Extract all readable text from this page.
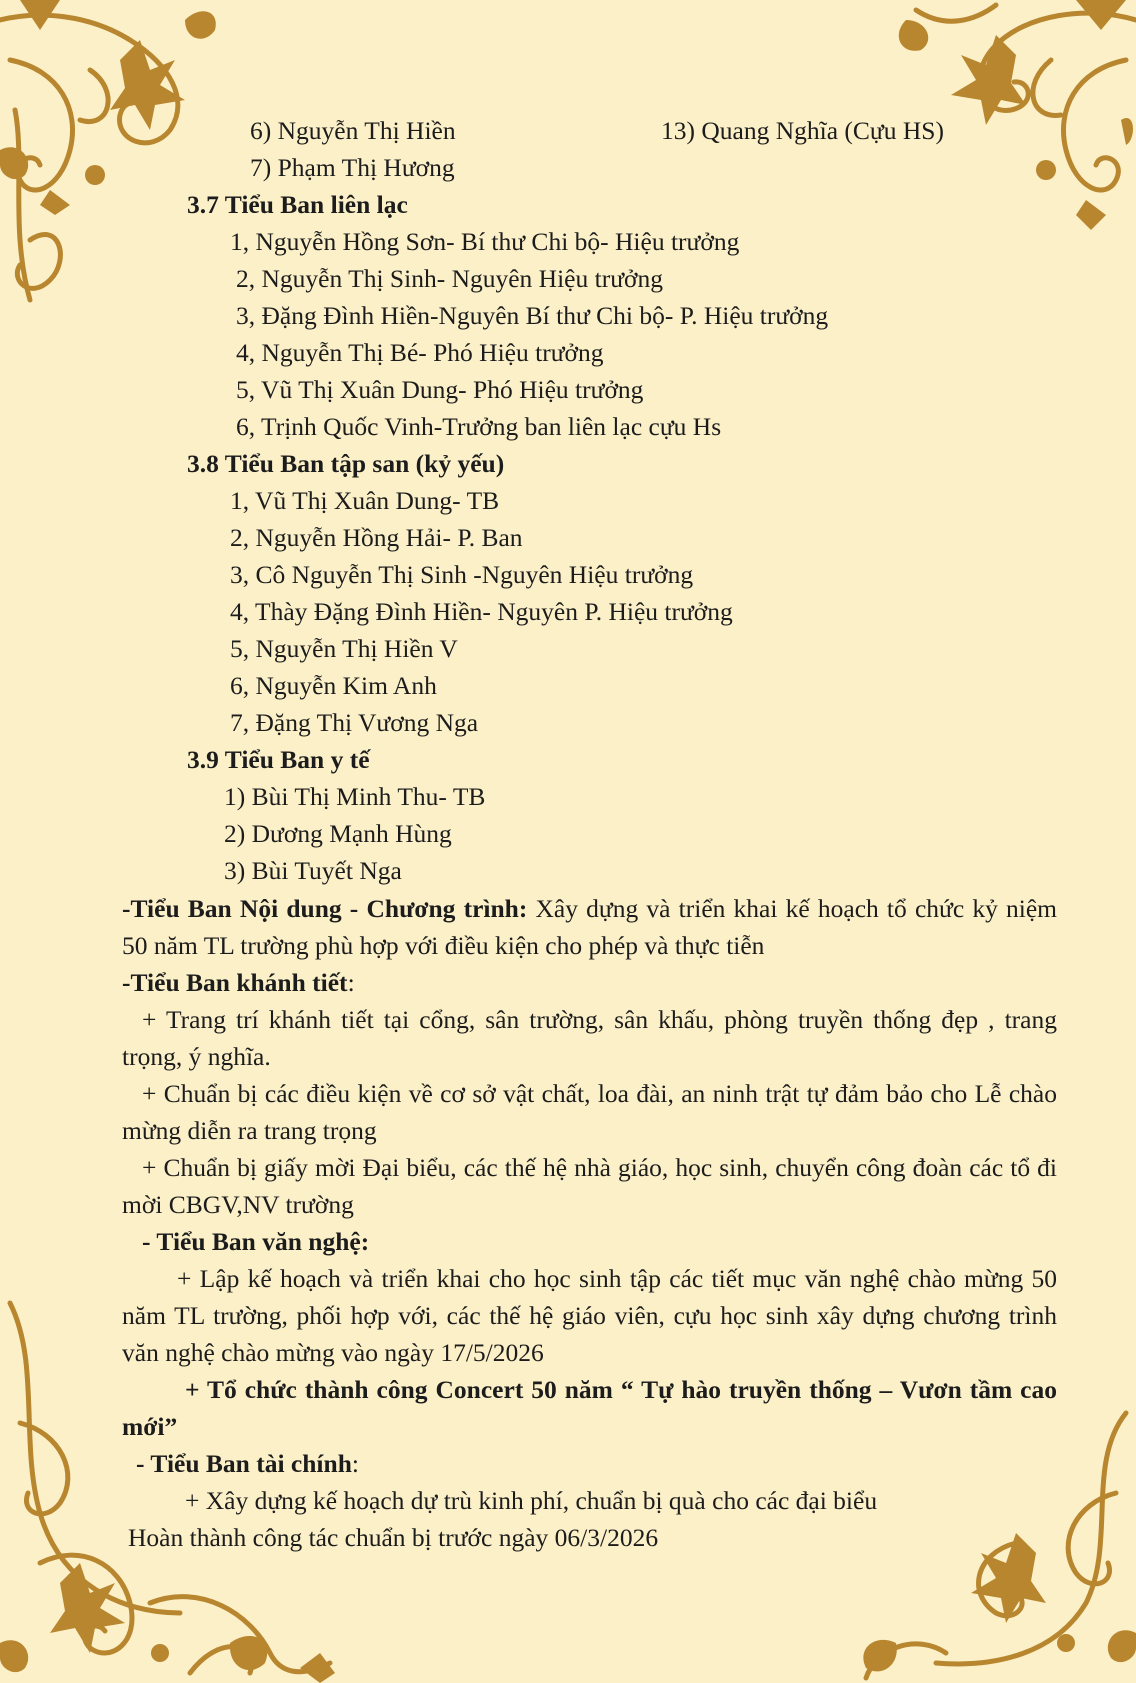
6) Nguyễn Thị Hiền	13) Quang Nghĩa (Cựu HS)
7) Phạm Thị Hương
3.7 Tiểu Ban liên lạc
1, Nguyễn Hồng Sơn- Bí thư Chi bộ- Hiệu trưởng
2, Nguyễn Thị Sinh- Nguyên Hiệu trưởng
3, Đặng Đình Hiền-Nguyên Bí thư Chi bộ- P. Hiệu trưởng
4, Nguyễn Thị Bé- Phó Hiệu trưởng
5, Vũ Thị Xuân Dung- Phó Hiệu trưởng
6, Trịnh Quốc Vinh-Trưởng ban liên lạc cựu Hs
3.8 Tiểu Ban tập san (kỷ yếu)
1, Vũ Thị Xuân Dung- TB
2, Nguyễn Hồng Hải- P. Ban
3, Cô Nguyễn Thị Sinh -Nguyên Hiệu trưởng
4, Thày Đặng Đình Hiền- Nguyên P. Hiệu trưởng
5, Nguyễn Thị Hiền V
6, Nguyễn Kim Anh
7, Đặng Thị Vương Nga
3.9 Tiểu Ban y tế
1) Bùi Thị Minh Thu- TB
2) Dương Mạnh Hùng
3) Bùi Tuyết Nga
-Tiểu Ban Nội dung - Chương trình: Xây dựng và triển khai kế hoạch tổ chức kỷ niệm 50 năm TL trường phù hợp với điều kiện cho phép và thực tiễn
-Tiểu Ban khánh tiết:
+ Trang trí khánh tiết tại cổng, sân trường, sân khấu, phòng truyền thống đẹp , trang trọng, ý nghĩa.
+ Chuẩn bị các điều kiện về cơ sở vật chất, loa đài, an ninh trật tự đảm bảo cho Lễ chào mừng diễn ra trang trọng
+ Chuẩn bị giấy mời Đại biểu, các thế hệ nhà giáo, học sinh, chuyển công đoàn các tổ đi mời CBGV,NV trường
- Tiểu Ban văn nghệ:
+ Lập kế hoạch và triển khai cho học sinh tập các tiết mục văn nghệ chào mừng 50 năm TL trường, phối hợp với, các thế hệ giáo viên, cựu học sinh xây dựng chương trình văn nghệ chào mừng vào ngày 17/5/2026
+ Tổ chức thành công Concert 50 năm “ Tự hào truyền thống – Vươn tầm cao mới”
- Tiểu Ban tài chính:
+ Xây dựng kế hoạch dự trù kinh phí, chuẩn bị quà cho các đại biểu
Hoàn thành công tác chuẩn bị trước ngày 06/3/2026
